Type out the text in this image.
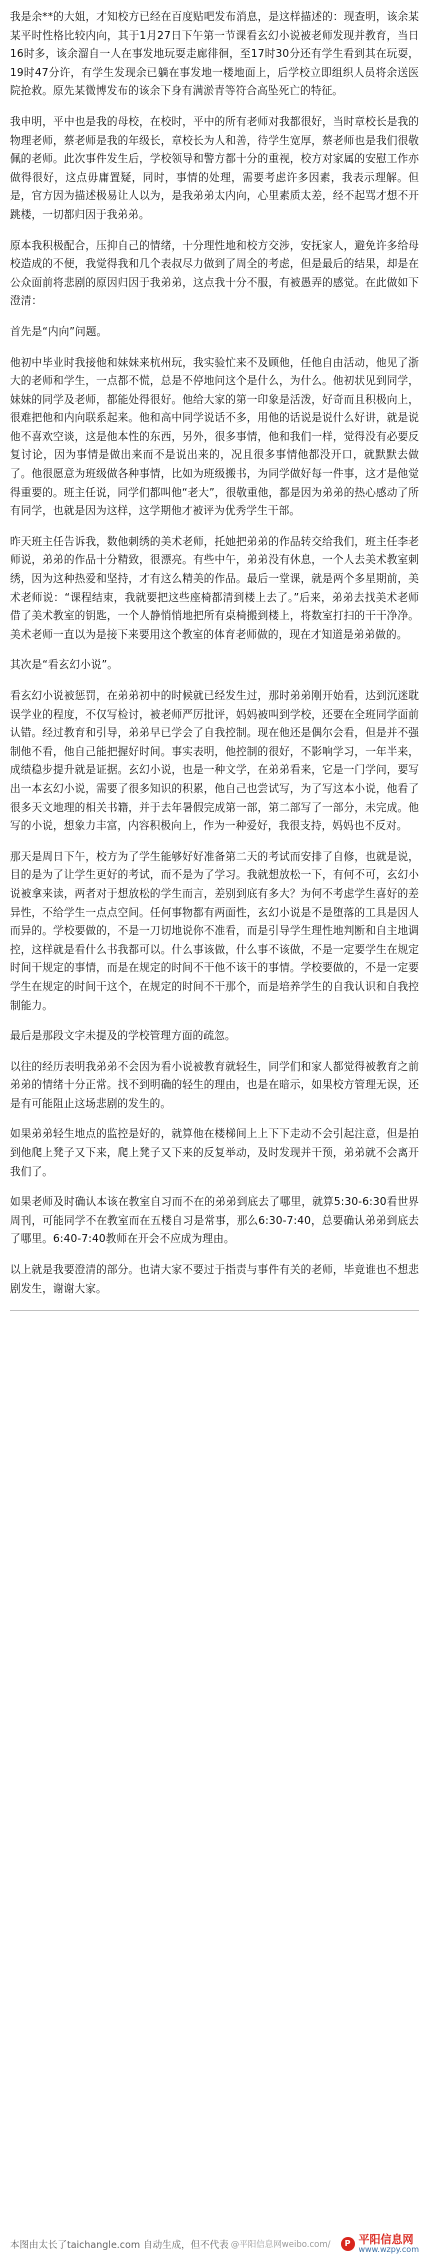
我是余**的大姐，才知校方已经在百度贴吧发布消息，是这样描述的：现查明，该余某某平时性格比较内向，其于1月27日下午第一节课看玄幻小说被老师发现并教育，当日16时多，该余溜自一人在事发地玩耍走廊徘徊，至17时30分还有学生看到其在玩耍，19时47分许，有学生发现余已躺在事发地一楼地面上，后学校立即组织人员将余送医院抢救。原先某微博发布的该余下身有满淤青等符合高坠死亡的特征。

我申明，平中也是我的母校，在校时，平中的所有老师对我都很好，当时章校长是我的物理老师，蔡老师是我的年级长，章校长为人和善，待学生宽厚，蔡老师也是我们很敬佩的老师。此次事件发生后，学校领导和警方都十分的重视，校方对家属的安慰工作亦做得很好，这点毋庸置疑，同时，事情的处理，需要考虑许多因素，我表示理解。但是，官方因为描述极易让人以为，是我弟弟太内向，心里素质太差，经不起骂才想不开跳楼，一切都归因于我弟弟。

原本我积极配合，压抑自己的情绪，十分理性地和校方交涉，安抚家人，避免许多给母校造成的不便，我觉得我和几个表叔尽力做到了周全的考虑，但是最后的结果，却是在公众面前将悲剧的原因归因于我弟弟，这点我十分不服，有被愚弄的感觉。在此做如下澄清：

首先是“内向”问题。

他初中毕业时我接他和妹妹来杭州玩，我实验忙来不及顾他，任他自由活动，他见了浙大的老师和学生，一点都不慌，总是不停地问这个是什么，为什么。他初状见到同学，妹妹的同学及老师，都能处得很好。他给大家的第一印象是活泼，好奇而且积极向上，很难把他和内向联系起来。他和高中同学说话不多，用他的话说是说什么好讲，就是说他不喜欢空谈，这是他本性的东西，另外，很多事情，他和我们一样，觉得没有必要反复讨论，因为事情是做出来而不是说出来的，况且很多事情他都没开口，就默默去做了。他很愿意为班级做各种事情，比如为班级搬书，为同学做好每一件事，这才是他觉得重要的。班主任说，同学们都叫他“老大”，很敬重他，都是因为弟弟的热心感动了所有同学，也就是因为这样，这学期他才被评为优秀学生干部。

昨天班主任告诉我，数他刺绣的美术老师，托她把弟弟的作品转交给我们，班主任李老师说，弟弟的作品十分精致，很漂亮。有些中午，弟弟没有休息，一个人去美术教室刺绣，因为这种热爱和坚持，才有这么精美的作品。最后一堂课，就是两个多星期前，美术老师说：“课程结束，我就要把这些座椅都清到楼上去了。”后来，弟弟去找美术老师借了美术教室的钥匙，一个人静悄悄地把所有桌椅搬到楼上，将数室打扫的干干净净。美术老师一直以为是接下来要用这个教室的体育老师做的，现在才知道是弟弟做的。

其次是“看玄幻小说”。

看玄幻小说被惩罚，在弟弟初中的时候就已经发生过，那时弟弟刚开始看，达到沉迷耽误学业的程度，不仅写检讨，被老师严厉批评，妈妈被叫到学校，还要在全班同学面前认错。经过教育和引导，弟弟早已学会了自我控制。现在他还是偶尔会看，但是并不强制他不看，他自己能把握好时间。事实表明，他控制的很好，不影响学习，一年半来，成绩稳步提升就是证据。玄幻小说，也是一种文学，在弟弟看来，它是一门学问，要写出一本玄幻小说，需要了很多知识的积累，他自己也尝试写，为了写这本小说，他看了很多天文地理的相关书籍，并于去年暑假完成第一部，第二部写了一部分，未完成。他写的小说，想象力丰富，内容积极向上，作为一种爱好，我很支持，妈妈也不反对。

那天是周日下午，校方为了学生能够好好准备第二天的考试而安排了自修，也就是说，目的是为了让学生更好的考试，而不是为了学习。我就想放松一下，有何不可，玄幻小说被拿来读，两者对于想放松的学生而言，差别到底有多大？为何不考虑学生喜好的差异性，不给学生一点点空间。任何事物都有两面性，玄幻小说是不是堕落的工具是因人而异的。学校要做的，不是一刀切地说你不准看，而是引导学生理性地判断和自主地调控，这样就是看什么书我都可以。什么事该做，什么事不该做，不是一定要学生在规定时间干规定的事情，而是在规定的时间不干他不该干的事情。学校要做的，不是一定要学生在规定的时间干这个，在规定的时间不干那个，而是培养学生的自我认识和自我控制能力。

最后是那段文字未提及的学校管理方面的疏忽。

以往的经历表明我弟弟不会因为看小说被教育就轻生，同学们和家人都觉得被教育之前弟弟的情绪十分正常。找不到明确的轻生的理由，也是在暗示，如果校方管理无误，还是有可能阻止这场悲剧的发生的。

如果弟弟轻生地点的监控是好的，就算他在楼梯间上上下下走动不会引起注意，但是拍到他爬上凳子又下来，爬上凳子又下来的反复举动，及时发现并干预，弟弟就不会离开我们了。

如果老师及时确认本该在教室自习而不在的弟弟到底去了哪里，就算5:30-6:30看世界周刊，可能同学不在教室而在五楼自习是常事，那么6:30-7:40，总要确认弟弟到底去了哪里。6:40-7:40教师在开会不应成为理由。

以上就是我要澄清的部分。也请大家不要过于指责与事件有关的老师，毕竟谁也不想悲剧发生，谢谢大家。

本图由太长了taichangle.com 自动生成，但不代表 @平阳信息网weibo.com/	P 平阳信息网
www.wzpy.com
